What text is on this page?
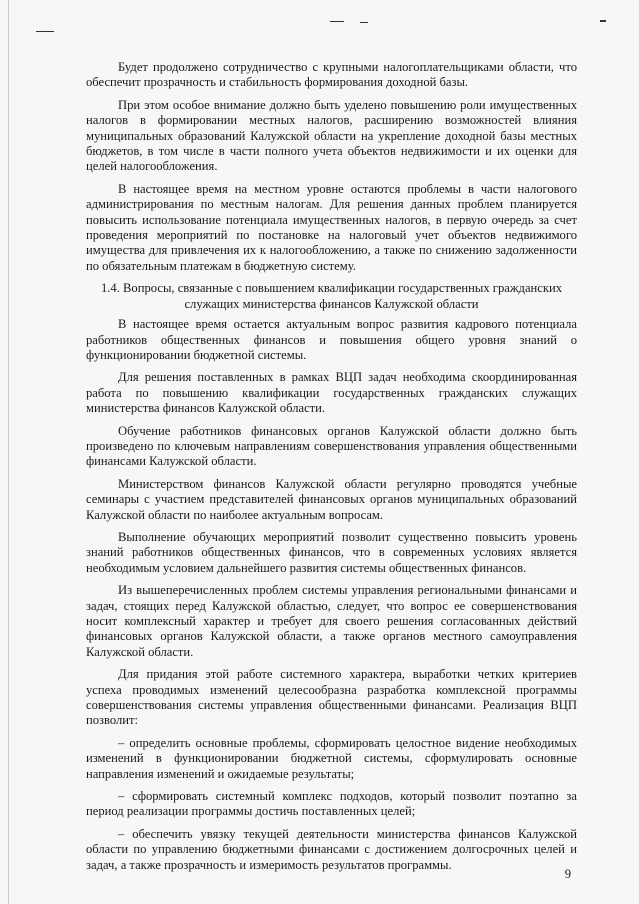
Будет продолжено сотрудничество с крупными налогоплательщиками области, что обеспечит прозрачность и стабильность формирования доходной базы.

При этом особое внимание должно быть уделено повышению роли имущественных налогов в формировании местных налогов, расширению возможностей влияния муниципальных образований Калужской области на укрепление доходной базы местных бюджетов, в том числе в части полного учета объектов недвижимости и их оценки для целей налогообложения.

В настоящее время на местном уровне остаются проблемы в части налогового администрирования по местным налогам. Для решения данных проблем планируется повысить использование потенциала имущественных налогов, в первую очередь за счет проведения мероприятий по постановке на налоговый учет объектов недвижимого имущества для привлечения их к налогообложению, а также по снижению задолженности по обязательным платежам в бюджетную систему.

1.4. Вопросы, связанные с повышением квалификации государственных гражданских служащих министерства финансов Калужской области

В настоящее время остается актуальным вопрос развития кадрового потенциала работников общественных финансов и повышения общего уровня знаний о функционировании бюджетной системы.

Для решения поставленных в рамках ВЦП задач необходима скоординированная работа по повышению квалификации государственных гражданских служащих министерства финансов Калужской области.

Обучение работников финансовых органов Калужской области должно быть произведено по ключевым направлениям совершенствования управления общественными финансами Калужской области.

Министерством финансов Калужской области регулярно проводятся учебные семинары с участием представителей финансовых органов муниципальных образований Калужской области по наиболее актуальным вопросам.

Выполнение обучающих мероприятий позволит существенно повысить уровень знаний работников общественных финансов, что в современных условиях является необходимым условием дальнейшего развития системы общественных финансов.

Из вышеперечисленных проблем системы управления региональными финансами и задач, стоящих перед Калужской областью, следует, что вопрос ее совершенствования носит комплексный характер и требует для своего решения согласованных действий финансовых органов Калужской области, а также органов местного самоуправления Калужской области.

Для придания этой работе системного характера, выработки четких критериев успеха проводимых изменений целесообразна разработка комплексной программы совершенствования системы управления общественными финансами. Реализация ВЦП позволит:

– определить основные проблемы, сформировать целостное видение необходимых изменений в функционировании бюджетной системы, сформулировать основные направления изменений и ожидаемые результаты;

– сформировать системный комплекс подходов, который позволит поэтапно за период реализации программы достичь поставленных целей;

– обеспечить увязку текущей деятельности министерства финансов Калужской области по управлению бюджетными финансами с достижением долгосрочных целей и задач, а также прозрачность и измеримость результатов программы.

9
